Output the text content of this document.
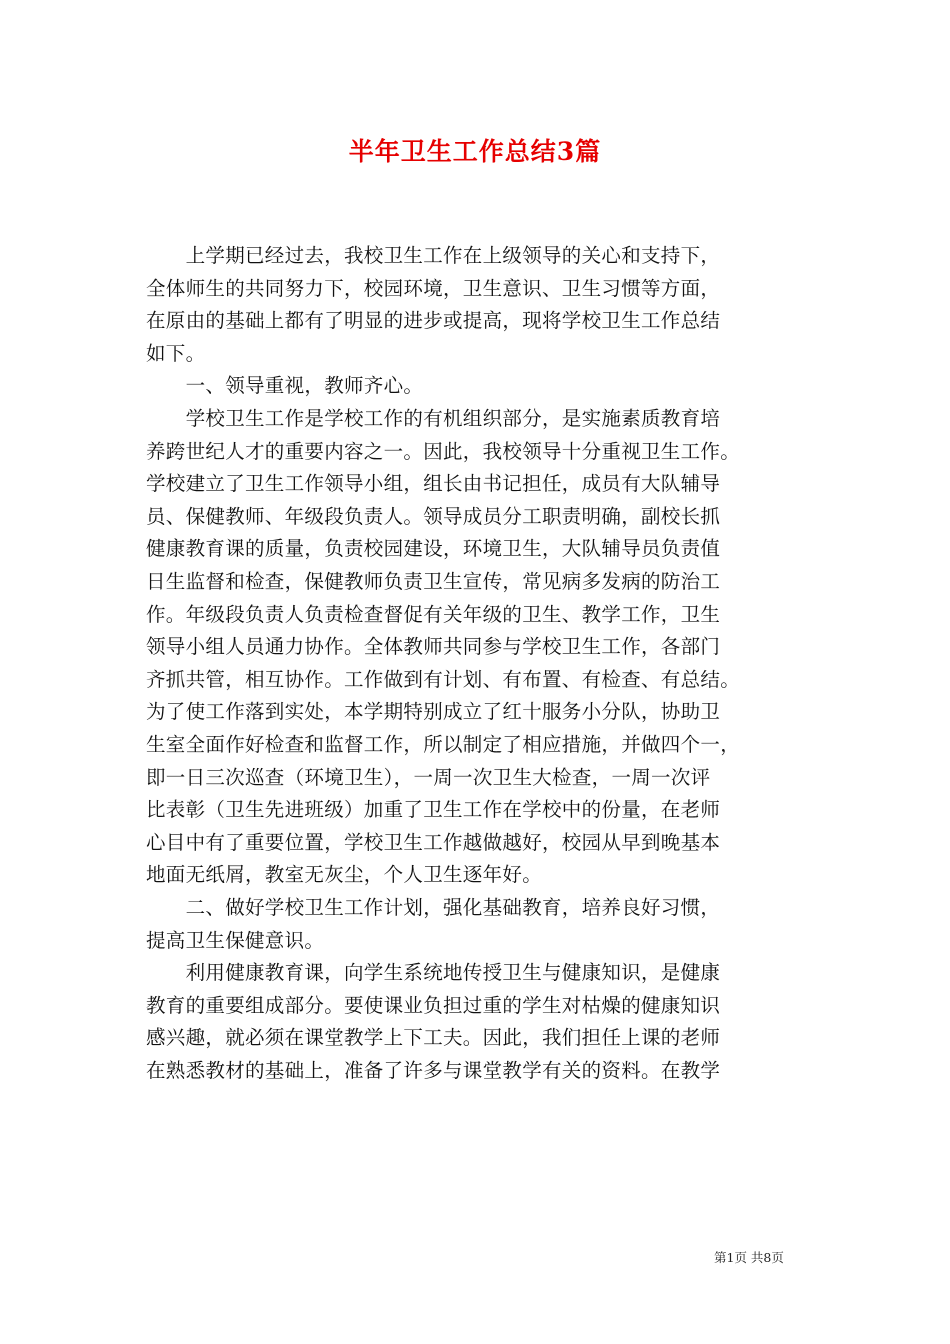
半年卫生工作总结3篇
　　上学期已经过去，我校卫生工作在上级领导的关心和支持下，
全体师生的共同努力下，校园环境，卫生意识、卫生习惯等方面，
在原由的基础上都有了明显的进步或提高，现将学校卫生工作总结
如下。
　　一、领导重视，教师齐心。
　　学校卫生工作是学校工作的有机组织部分，是实施素质教育培
养跨世纪人才的重要内容之一。因此，我校领导十分重视卫生工作。
学校建立了卫生工作领导小组，组长由书记担任，成员有大队辅导
员、保健教师、年级段负责人。领导成员分工职责明确，副校长抓
健康教育课的质量，负责校园建设，环境卫生，大队辅导员负责值
日生监督和检查，保健教师负责卫生宣传，常见病多发病的防治工
作。年级段负责人负责检查督促有关年级的卫生、教学工作，卫生
领导小组人员通力协作。全体教师共同参与学校卫生工作，各部门
齐抓共管，相互协作。工作做到有计划、有布置、有检查、有总结。
为了使工作落到实处，本学期特别成立了红十服务小分队，协助卫
生室全面作好检查和监督工作，所以制定了相应措施，并做四个一，
即一日三次巡查（环境卫生），一周一次卫生大检查，一周一次评
比表彰（卫生先进班级）加重了卫生工作在学校中的份量，在老师
心目中有了重要位置，学校卫生工作越做越好，校园从早到晚基本
地面无纸屑，教室无灰尘，个人卫生逐年好。
　　二、做好学校卫生工作计划，强化基础教育，培养良好习惯，
提高卫生保健意识。
　　利用健康教育课，向学生系统地传授卫生与健康知识，是健康
教育的重要组成部分。要使课业负担过重的学生对枯燥的健康知识
感兴趣，就必须在课堂教学上下工夫。因此，我们担任上课的老师
在熟悉教材的基础上，准备了许多与课堂教学有关的资料。在教学
第1页 共8页
